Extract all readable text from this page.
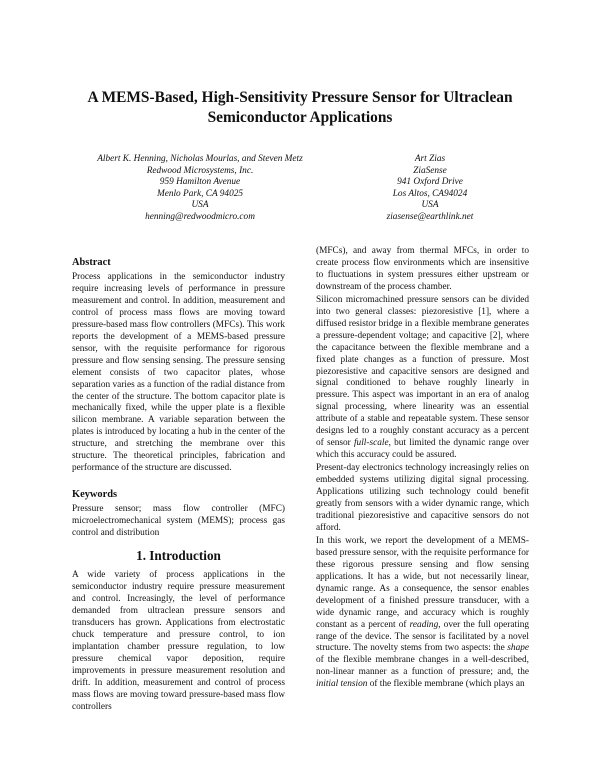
A MEMS-Based, High-Sensitivity Pressure Sensor for Ultraclean Semiconductor Applications
Albert K. Henning, Nicholas Mourlas, and Steven Metz
Redwood Microsystems, Inc.
959 Hamilton Avenue
Menlo Park, CA 94025
USA
henning@redwoodmicro.com
Art Zias
ZiaSense
941 Oxford Drive
Los Altos, CA94024
USA
ziasense@earthlink.net
Abstract

Process applications in the semiconductor industry require increasing levels of performance in pressure measurement and control. In addition, measurement and control of process mass flows are moving toward pressure-based mass flow controllers (MFCs). This work reports the development of a MEMS-based pressure sensor, with the requisite performance for rigorous pressure and flow sensing sensing. The pressure sensing element consists of two capacitor plates, whose separation varies as a function of the radial distance from the center of the structure. The bottom capacitor plate is mechanically fixed, while the upper plate is a flexible silicon membrane. A variable separation between the plates is introduced by locating a hub in the center of the structure, and stretching the membrane over this structure. The theoretical principles, fabrication and performance of the structure are discussed.

Keywords

Pressure sensor; mass flow controller (MFC) microelectromechanical system (MEMS); process gas control and distribution

1. Introduction

A wide variety of process applications in the semiconductor industry require pressure measurement and control. Increasingly, the level of performance demanded from ultraclean pressure sensors and transducers has grown. Applications from electrostatic chuck temperature and pressure control, to ion implantation chamber pressure regulation, to low pressure chemical vapor deposition, require improvements in pressure measurement resolution and drift. In addition, measurement and control of process mass flows are moving toward pressure-based mass flow controllers

(MFCs), and away from thermal MFCs, in order to create process flow environments which are insensitive to fluctuations in system pressures either upstream or downstream of the process chamber.

Silicon micromachined pressure sensors can be divided into two general classes: piezoresistive [1], where a diffused resistor bridge in a flexible membrane generates a pressure-dependent voltage; and capacitive [2], where the capacitance between the flexible membrane and a fixed plate changes as a function of pressure. Most piezoresistive and capacitive sensors are designed and signal conditioned to behave roughly linearly in pressure. This aspect was important in an era of analog signal processing, where linearity was an essential attribute of a stable and repeatable system. These sensor designs led to a roughly constant accuracy as a percent of sensor full-scale, but limited the dynamic range over which this accuracy could be assured.

Present-day electronics technology increasingly relies on embedded systems utilizing digital signal processing. Applications utilizing such technology could benefit greatly from sensors with a wider dynamic range, which traditional piezoresistive and capacitive sensors do not afford.

In this work, we report the development of a MEMS-based pressure sensor, with the requisite performance for these rigorous pressure sensing and flow sensing applications. It has a wide, but not necessarily linear, dynamic range. As a consequence, the sensor enables development of a finished pressure transducer, with a wide dynamic range, and accuracy which is roughly constant as a percent of reading, over the full operating range of the device. The sensor is facilitated by a novel structure. The novelty stems from two aspects: the shape of the flexible membrane changes in a well-described, non-linear manner as a function of pressure; and, the initial tension of the flexible membrane (which plays an
